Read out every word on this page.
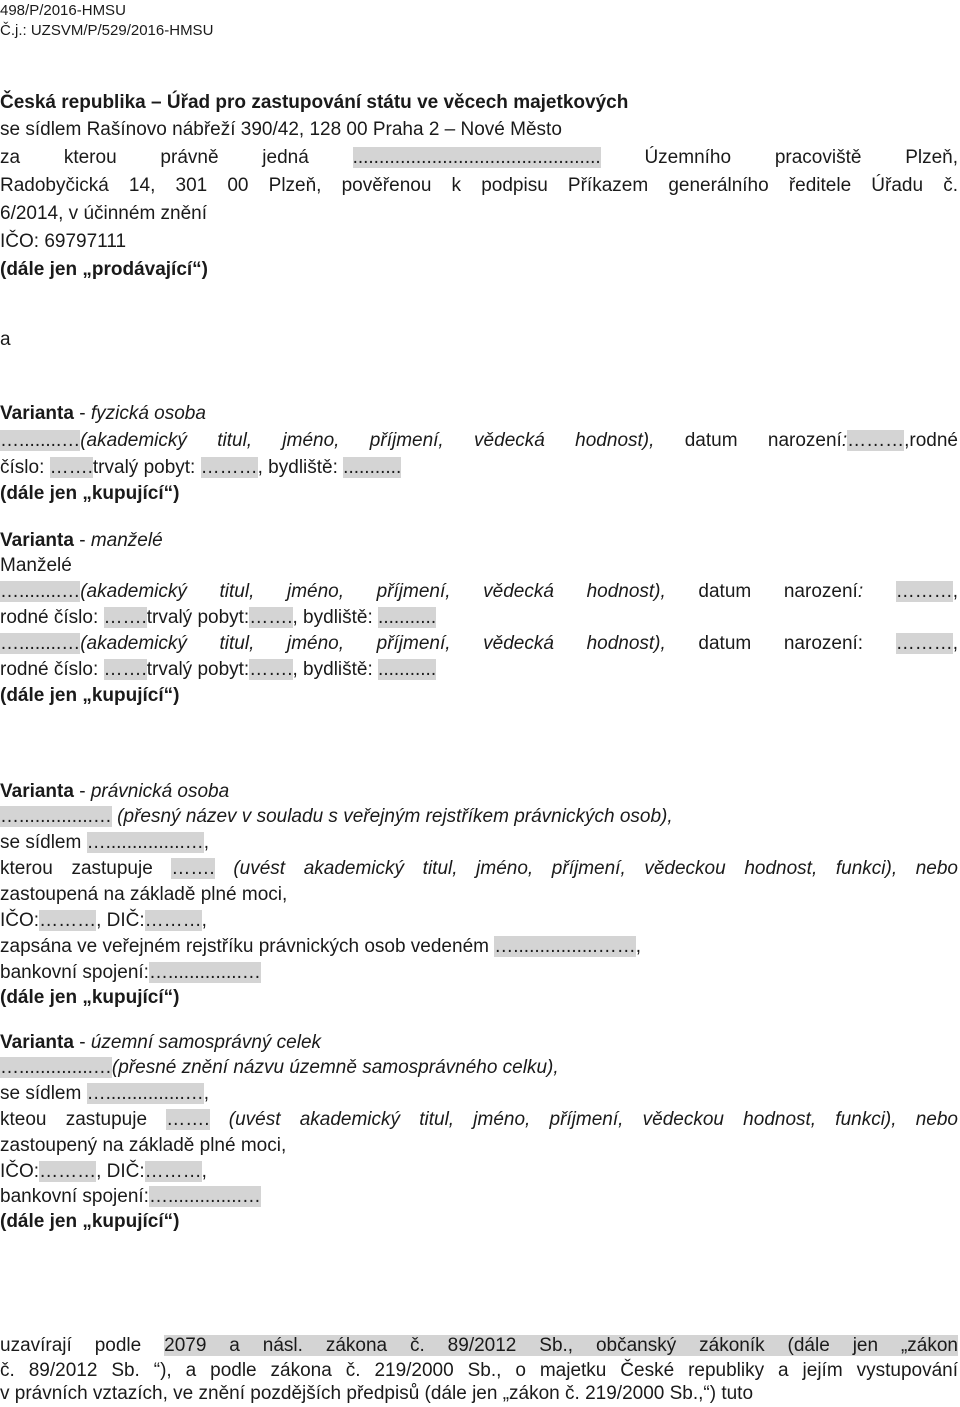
498/P/2016-HMSU
Č.j.: UZSVM/P/529/2016-HMSU
Česká republika – Úřad pro zastupování státu ve věcech majetkových
se sídlem Rašínovo nábřeží 390/42, 128 00 Praha 2 – Nové Město
za kterou právně jedná ............................................... Územního pracoviště Plzeň,
Radobyčická 14, 301 00 Plzeň, pověřenou k podpisu Příkazem generálního ředitele Úřadu č.
6/2014, v účinném znění
IČO: 69797111
(dále jen „prodávající“)
a
Varianta - fyzická osoba
…........…(akademický titul, jméno, příjmení, vědecká hodnost), datum narození:………,rodné
číslo: …….trvalý pobyt: ………, bydliště: ...........
(dále jen „kupující“)
Varianta - manželé
Manželé
…........…(akademický titul, jméno, příjmení, vědecká hodnost), datum narození: ………,
rodné číslo: …….trvalý pobyt:……., bydliště: ...........
…........…(akademický titul, jméno, příjmení, vědecká hodnost), datum narození: ………,
rodné číslo: …….trvalý pobyt:……., bydliště: ...........
(dále jen „kupující“)
Varianta - právnická osoba
…..............… (přesný název v souladu s veřejným rejstříkem právnických osob),
se sídlem …...............…,
kterou zastupuje ……. (uvést akademický titul, jméno, příjmení, vědeckou hodnost, funkci), nebo
zastoupená na základě plné moci,
IČO:………, DIČ:………,
zapsána ve veřejném rejstříku právnických osob vedeném …................……,
bankovní spojení:…..............…
(dále jen „kupující“)
Varianta - územní samosprávný celek
…..............…(přesné znění názvu územně samosprávného celku),
se sídlem …...............…,
kteou zastupuje ……. (uvést akademický titul, jméno, příjmení, vědeckou hodnost, funkci), nebo
zastoupený na základě plné moci,
IČO:………, DIČ:………,
bankovní spojení:…..............…
(dále jen „kupující“)
uzavírají podle 2079 a násl. zákona č. 89/2012 Sb., občanský zákoník (dále jen „zákon
č. 89/2012 Sb. “), a podle zákona č. 219/2000 Sb., o majetku České republiky a jejím vystupování
v právních vztazích, ve znění pozdějších předpisů (dále jen „zákon č. 219/2000 Sb.,“) tuto
